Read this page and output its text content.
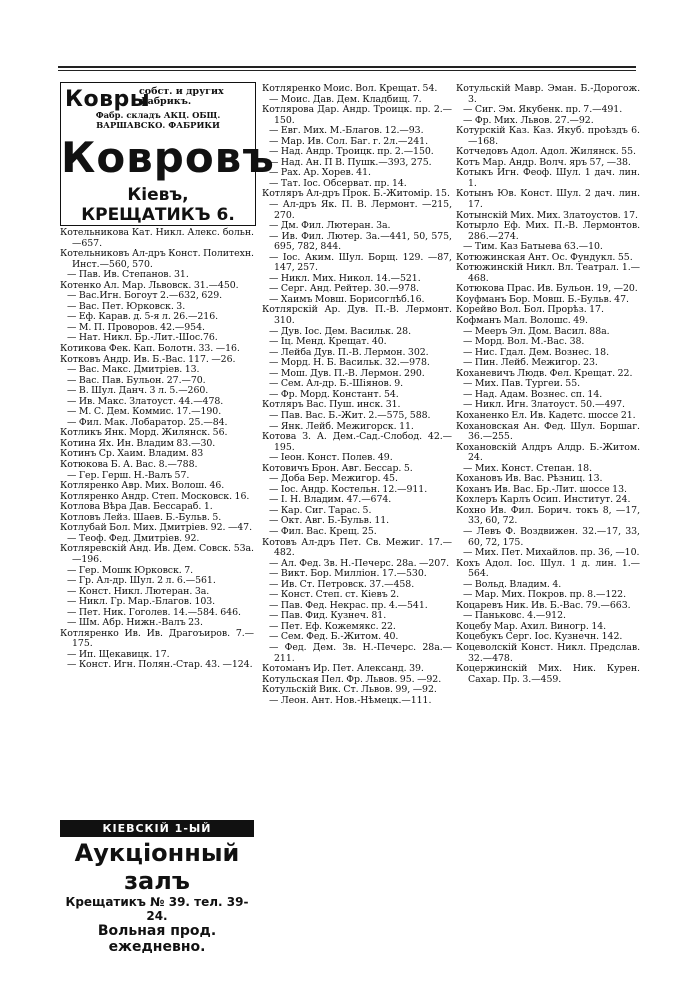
Ковры
собст. и других фабрикъ.
Фабр. складъ АКЦ. ОБЩ. ВАРШАВСКО. ФАБРИКИ
Ковровъ
Кіевъ, КРЕЩАТИКЪ 6.
Котельникова Кат. Никл. Алекс. больн.—657.
Котельниковъ Ал-дръ Конст. Политехн. Инст.—560, 570.
— Пав. Ив. Степанов. 31.
Котенко Ал. Мар. Львовск. 31.—450.
— Вас.Игн. Богоут 2.—632, 629.
— Вас. Пет. Юрковск. 3.
— Еф. Карав. д. 5-я л. 26.—216.
— М. П. Проворов. 42.—954.
— Нат. Никл. Бр.-Лит.-Шос.76.
Котикова Фек. Кап. Болотн. 33. —16.
Котковъ Андр. Ив. Б.-Вас. 117. —26.
— Вас. Макс. Дмитріев. 13.
— Вас. Пав. Бульон. 27.—70.
— В. Шул. Данч. 3 л. 5.—260.
— Ив. Макс. Златоуст. 44.—478.
— М. С. Дем. Коммис. 17.—190.
— Фил. Мак. Лобаратор. 25.—84.
Котликъ Янк. Морд. Жилянск. 56.
Котина Ях. Ин. Владим 83.—30.
Котинъ Ср. Хаим. Владим. 83
Котюкова Б. А. Вас. 8.—788.
— Гер. Герш. Н.-Валъ 57.
Котляренко Авр. Мих. Волош. 46.
Котляренко Андр. Степ. Московск. 16.
Котлова Вѣра Дав. Бессараб. 1.
Котловъ Лейз. Шаев. Б.-Бульв. 5.
Котлубай Бол. Мих. Дмитріев. 92. —47.
— Теоф. Фед. Дмитріев. 92.
Котляревскій Анд. Ив. Дем. Совск. 53а.—196.
— Гер. Мошк Юрковск. 7.
— Гр. Ал-др. Шул. 2 л. 6.—561.
— Конст. Никл. Лютеран. 3а.
— Никл. Гр. Мар.-Благов. 103.
— Пет. Ник. Гоголев. 14.—584. 646.
— Шм. Абр. Нижн.-Валъ 23.
Котляренко Ив. Ив. Драгоъиров. 7.—175.
— Ип. Щекавицк. 17.
— Конст. Игн. Полян.-Стар. 43. —124.
Котляренко Моис. Вол. Крещат. 54.
— Моис. Дав. Дем. Кладбищ. 7.
Котлярова Дар. Андр. Троицк. пр. 2.—150.
— Евг. Мих. М.-Благов. 12.—93.
— Мар. Ив. Сол. Баг. г. 2л.—241.
— Над. Андр. Троицк. пр. 2.—150.
— Над. Ан. П В. Пушк.—393, 275.
— Рах. Ар. Хорев. 41.
— Тат. Іос. Обсерват. пр. 14.
Котляръ Ал-дръ Прок. Б.-Житомір. 15.
— Ал-дръ Як. П. В. Лермонт. —215, 270.
— Дм. Фил. Лютеран. 3а.
— Ив. Фил. Лютер. 3а.—441, 50, 575, 695, 782, 844.
— Іос. Аким. Шул. Борщ. 129. —87, 147, 257.
— Никл. Мих. Никол. 14.—521.
— Серг. Анд. Рейтер. 30.—978.
— Хаимъ Мовш. Борисоглѣб.16.
Котлярскій Ар. Дув. П.-В. Лермонт. 310.
— Дув. Іос. Дем. Васильк. 28.
— Іц. Менд. Крещат. 40.
— Лейба Дув. П.-В. Лермон. 302.
— Морд. Н. Б. Васильк. 32.—978.
— Мош. Дув. П.-В. Лермон. 290.
— Сем. Ал-др. Б.-Шіянов. 9.
— Фр. Морд. Констант. 54.
Котляръ Вас. Пуш. инск. 31.
— Пав. Вас. Б.-Жит. 2.—575, 588.
— Янк. Лейб. Межигорск. 11.
Котова З. А. Дем.-Сад.-Слобод. 42.—195.
— Іеон. Конст. Полев. 49.
Котовичъ Брон. Авг. Бессар. 5.
— Доба Бер. Межигор. 45.
— Іос. Андр. Костельн. 12.—911.
— І. Н. Владим. 47.—674.
— Кар. Сиг. Тарас. 5.
— Окт. Авг. Б.-Бульв. 11.
— Фил. Вас. Крещ. 25.
Котовъ Ал-дръ Пет. Св. Межиг. 17.—482.
— Ал. Фед. Зв. Н.-Печерс. 28а. —207.
— Викт. Бор. Милліон. 17.—530.
— Ив. Ст. Петровск. 37.—458.
— Конст. Степ. ст. Кіевъ 2.
— Пав. Фед. Некрас. пр. 4.—541.
— Пав. Фид. Кузнеч. 81.
— Пет. Еф. Кожемякс. 22.
— Сем. Фед. Б.-Житом. 40.
— Фед. Дем. Зв. Н.-Печерс. 28а.—211.
Котоманъ Ир. Пет. Александ. 39.
Котульская Пел. Фр. Львов. 95. —92.
Котульскій Вик. Ст. Львов. 99, —92.
— Леон. Ант. Нов.-Нѣмецк.—111.
Котульскій Мавр. Эман. Б.-Дорогож. 3.
— Сиг. Эм. Якубенк. пр. 7.—491.
— Фр. Мих. Львов. 27.—92.
Котурскій Каз. Каз. Якуб. проѣздъ 6.—168.
Котчедовъ Адол. Адол. Жилянск. 55.
Котъ Мар. Андр. Волч. яръ 57, —38.
Котыкъ Игн. Феоф. Шул. 1 дач. лин. 1.
Котынъ Юв. Конст. Шул. 2 дач. лин. 17.
Котынскій Мих. Мих. Златоустов. 17.
Котырло Еф. Мих. П.-В. Лермонтов. 286.—274.
— Тим. Каз Батыева 63.—10.
Котюжинская Ант. Ос. Фундукл. 55.
Котюжинскій Никл. Вл. Театрал. 1.—468.
Котюкова Прас. Ив. Бульон. 19, —20.
Коуфманъ Бор. Мовш. Б.-Бульв. 47.
Корейво Вол. Бол. Прорѣз. 17.
Кофманъ Мал. Волошс. 49.
— Мееръ Эл. Дом. Васил. 88а.
— Морд. Вол. М.-Вас. 38.
— Нис. Гдал. Дем. Вознес. 18.
— Пин. Лейб. Межигор. 23.
Коханевичъ Людв. Фел. Крещат. 22.
— Мих. Пав. Тургеи. 55.
— Над. Адам. Вознес. сп. 14.
— Никл. Игн. Златоуст. 50.—497.
Коханенко Ел. Ив. Кадетс. шоссе 21.
Кохановская Ан. Фед. Шул. Боршаг. 36.—255.
Кохановскій Алдръ Алдр. Б.-Житом. 24.
— Мих. Конст. Степан. 18.
Кохановъ Ив. Вас. Рѣзниц. 13.
Коханъ Ив. Вас. Бр.-Лит. шоссе 13.
Кохлеръ Карлъ Осип. Институт. 24.
Кохно Ив. Фил. Борич. токъ 8, —17, 33, 60, 72.
— Левъ Ф. Воздвижен. 32.—17, 33, 60, 72, 175.
— Мих. Пет. Михайлов. пр. 36, —10.
Кохъ Адол. Іос. Шул. 1 д. лин. 1.—564.
— Вольд. Владим. 4.
— Мар. Мих. Покров. пр. 8.—122.
Коцаревъ Ник. Ив. Б.-Вас. 79.—663.
— Паньковс. 4.—912.
Коцебу Мар. Ахил. Виногр. 14.
Коцебукъ Серг. Іос. Кузнечн. 142.
Коцеволскій Конст. Никл. Предслав. 32.—478.
Коцержинскій Мих. Ник. Курен. Сахар. Пр. 3.—459.
КІЕВСКІЙ 1-ЫЙ
Аукціонный залъ
Крещатикъ № 39. тел. 39-24.
Вольная прод. ежедневно.
